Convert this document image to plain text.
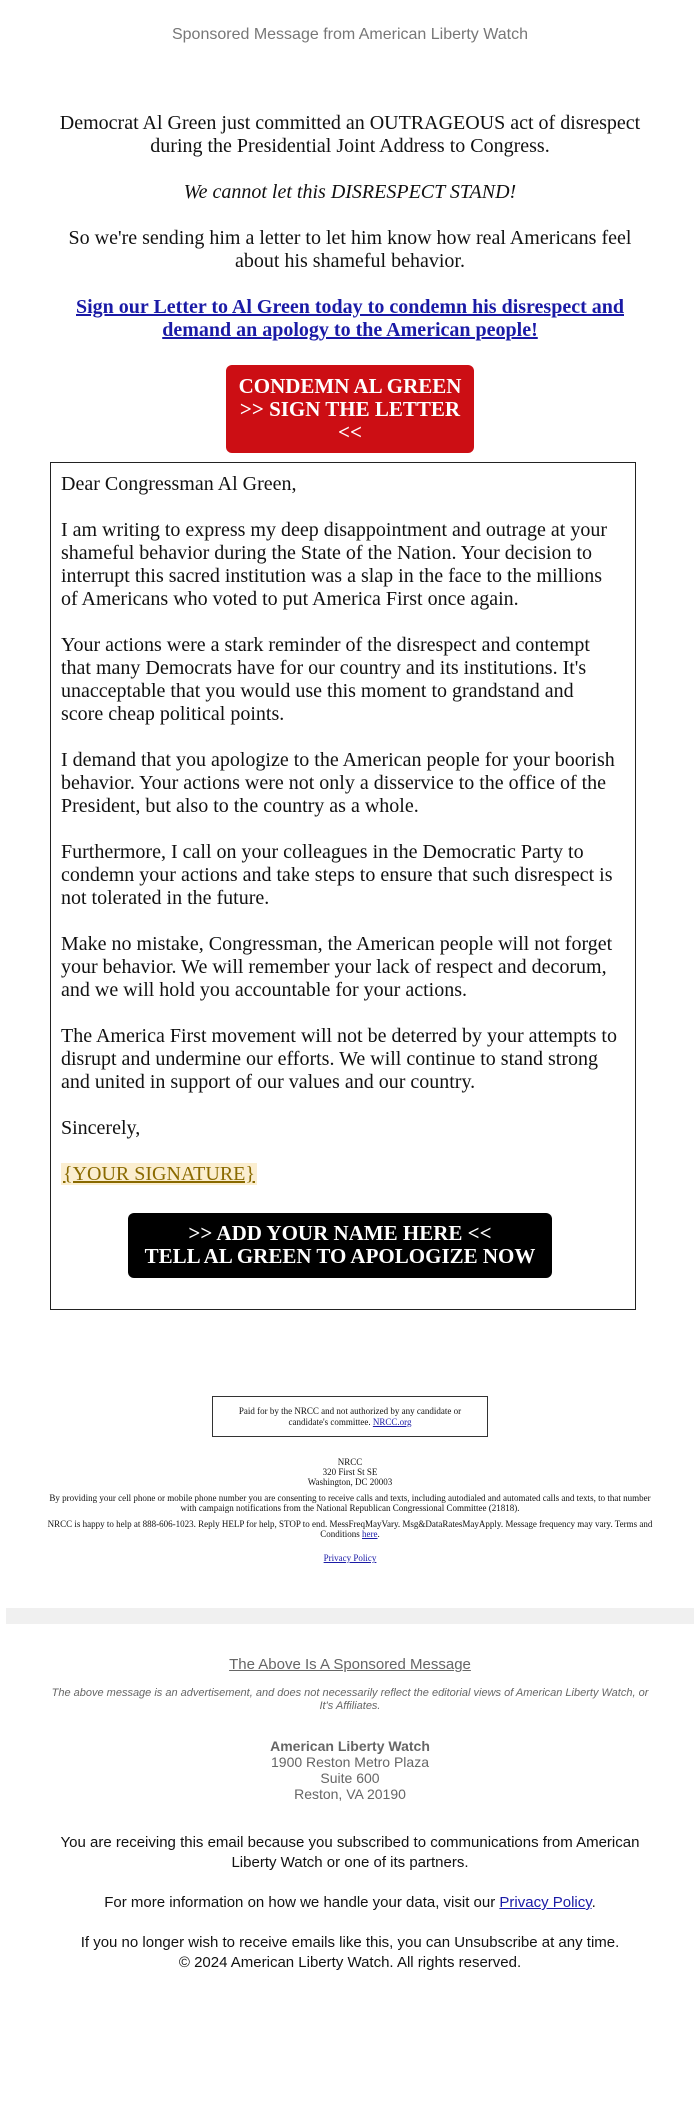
Sponsored Message from American Liberty Watch

Democrat Al Green just committed an OUTRAGEOUS act of disrespect during the Presidential Joint Address to Congress.

We cannot let this DISRESPECT STAND!

So we're sending him a letter to let him know how real Americans feel about his shameful behavior.

Sign our Letter to Al Green today to condemn his disrespect and demand an apology to the American people!

CONDEMN AL GREEN
>> SIGN THE LETTER <<

Dear Congressman Al Green,

I am writing to express my deep disappointment and outrage at your shameful behavior during the State of the Nation. Your decision to interrupt this sacred institution was a slap in the face to the millions of Americans who voted to put America First once again.

Your actions were a stark reminder of the disrespect and contempt that many Democrats have for our country and its institutions. It's unacceptable that you would use this moment to grandstand and score cheap political points.

I demand that you apologize to the American people for your boorish behavior. Your actions were not only a disservice to the office of the President, but also to the country as a whole.

Furthermore, I call on your colleagues in the Democratic Party to condemn your actions and take steps to ensure that such disrespect is not tolerated in the future.

Make no mistake, Congressman, the American people will not forget your behavior. We will remember your lack of respect and decorum, and we will hold you accountable for your actions.

The America First movement will not be deterred by your attempts to disrupt and undermine our efforts. We will continue to stand strong and united in support of our values and our country.

Sincerely,

{YOUR SIGNATURE}

>> ADD YOUR NAME HERE <<
TELL AL GREEN TO APOLOGIZE NOW
Paid for by the NRCC and not authorized by any candidate or candidate's committee. NRCC.org
NRCC
320 First St SE
Washington, DC 20003
By providing your cell phone or mobile phone number you are consenting to receive calls and texts, including autodialed and automated calls and texts, to that number with campaign notifications from the National Republican Congressional Committee (21818).
NRCC is happy to help at 888-606-1023. Reply HELP for help, STOP to end. MessFreqMayVary. Msg&DataRatesMayApply. Message frequency may vary. Terms and Conditions here.
Privacy Policy
The Above Is A Sponsored Message
The above message is an advertisement, and does not necessarily reflect the editorial views of American Liberty Watch, or It's Affiliates.
American Liberty Watch
1900 Reston Metro Plaza
Suite 600
Reston, VA 20190

You are receiving this email because you subscribed to communications from American Liberty Watch or one of its partners.

For more information on how we handle your data, visit our Privacy Policy.

If you no longer wish to receive emails like this, you can Unsubscribe at any time.
© 2024 American Liberty Watch. All rights reserved.
